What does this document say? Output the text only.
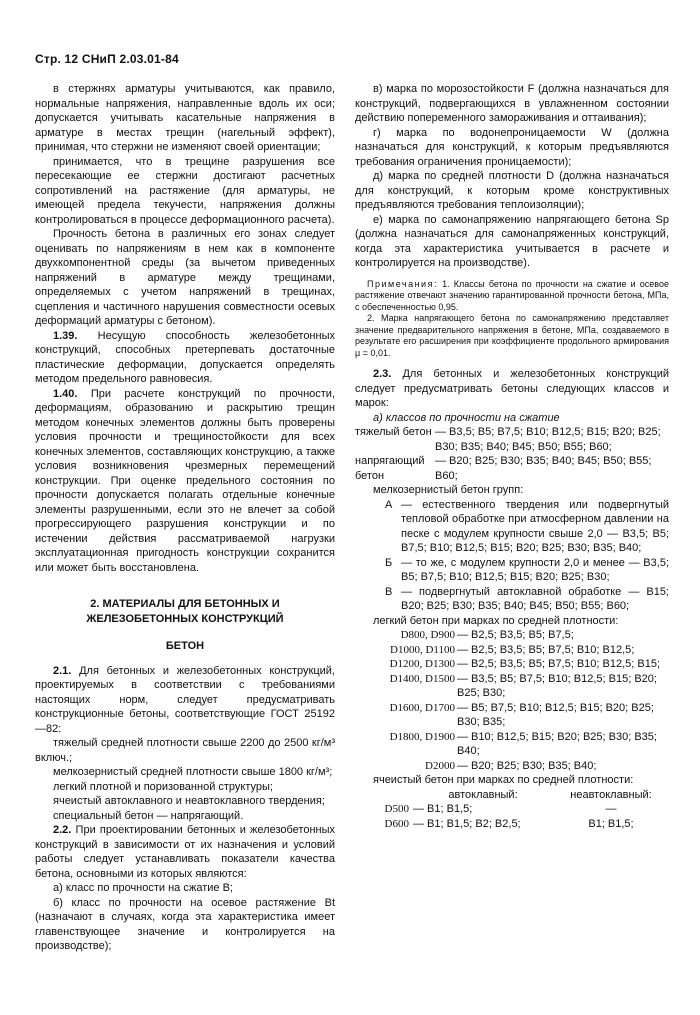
Стр. 12 СНиП 2.03.01-84

в стержнях арматуры учитываются, как правило, нормальные напряжения, направленные вдоль их оси; допускается учитывать касательные напряжения в арматуре в местах трещин (нагельный эффект), принимая, что стержни не изменяют своей ориентации;

принимается, что в трещине разрушения все пересекающие ее стержни достигают расчетных сопротивлений на растяжение (для арматуры, не имеющей предела текучести, напряжения должны контролироваться в процессе деформационного расчета).

Прочность бетона в различных его зонах следует оценивать по напряжениям в нем как в компоненте двухкомпонентной среды (за вычетом приведенных напряжений в арматуре между трещинами, определяемых с учетом напряжений в трещинах, сцепления и частичного нарушения совместности осевых деформаций арматуры с бетоном).

1.39. Несущую способность железобетонных конструкций, способных претерпевать достаточные пластические деформации, допускается определять методом предельного равновесия.

1.40. При расчете конструкций по прочности, деформациям, образованию и раскрытию трещин методом конечных элементов должны быть проверены условия прочности и трещиностойкости для всех конечных элементов, составляющих конструкцию, а также условия возникновения чрезмерных перемещений конструкции. При оценке предельного состояния по прочности допускается полагать отдельные конечные элементы разрушенными, если это не влечет за собой прогрессирующего разрушения конструкции и по истечении действия рассматриваемой нагрузки эксплуатационная пригодность конструкции сохранится или может быть восстановлена.

2. МАТЕРИАЛЫ ДЛЯ БЕТОННЫХ И ЖЕЛЕЗОБЕТОННЫХ КОНСТРУКЦИЙ
БЕТОН

2.1. Для бетонных и железобетонных конструкций, проектируемых в соответствии с требованиями настоящих норм, следует предусматривать конструкционные бетоны, соответствующие ГОСТ 25192—82:

тяжелый средней плотности свыше 2200 до 2500 кг/м³ включ.;

мелкозернистый средней плотности свыше 1800 кг/м³;

легкий плотной и поризованной структуры;

ячеистый автоклавного и неавтоклавного твердения;

специальный бетон — напрягающий.

2.2. При проектировании бетонных и железобетонных конструкций в зависимости от их назначения и условий работы следует устанавливать показатели качества бетона, основными из которых являются:

а) класс по прочности на сжатие B;

б) класс по прочности на осевое растяжение Bt (назначают в случаях, когда эта характеристика имеет главенствующее значение и контролируется на производстве);

в) марка по морозостойкости F (должна назначаться для конструкций, подвергающихся в увлажненном состоянии действию попеременного замораживания и оттаивания);

г) марка по водонепроницаемости W (должна назначаться для конструкций, к которым предъявляются требования ограничения проницаемости);

д) марка по средней плотности D (должна назначаться для конструкций, к которым кроме конструктивных предъявляются требования теплоизоляции);

е) марка по самонапряжению напрягающего бетона Sp (должна назначаться для самонапряженных конструкций, когда эта характеристика учитывается в расчете и контролируется на производстве).

Примечания: 1. Классы бетона по прочности на сжатие и осевое растяжение отвечают значению гарантированной прочности бетона, МПа, с обеспеченностью 0,95.

2. Марка напрягающего бетона по самонапряжению представляет значение предварительного напряжения в бетоне, МПа, создаваемого в результате его расширения при коэффициенте продольного армирования μ = 0,01.

2.3. Для бетонных и железобетонных конструкций следует предусматривать бетоны следующих классов и марок:

а) классов по прочности на сжатие

тяжелый бетон — B3,5; B5; B7,5; B10; B12,5; B15; B20; B25; B30; B35; B40; B45; B50; B55; B60;
напрягающий бетон
— B20; B25; B30; B35; B40; B45; B50; B55; B60;

мелкозернистый бетон групп:

А — естественного твердения или подвергнутый тепловой обработке при атмосферном давлении на песке с модулем крупности свыше 2,0 — B3,5; B5; B7,5; B10; B12,5; B15; B20; B25; B30; B35; B40;
Б — то же, с модулем крупности 2,0 и менее — B3,5; B5; B7,5; B10; B12,5; B15; B20; B25; B30;
В — подвергнутый автоклавной обработке — B15; B20; B25; B30; B35; B40; B45; B50; B55; B60;

легкий бетон при марках по средней плотности:

D800, D900 — B2,5; B3,5; B5; B7,5;
D1000, D1100 — B2,5; B3,5; B5; B7,5; B10; B12,5;
D1200, D1300 — B2,5; B3,5; B5; B7,5; B10; B12,5; B15;
D1400, D1500 — B3,5; B5; B7,5; B10; B12,5; B15; B20; B25; B30;
D1600, D1700 — B5; B7,5; B10; B12,5; B15; B20; B25; B30; B35;
D1800, D1900 — B10; B12,5; B15; B20; B25; B30; B35; B40;
D2000 — B20; B25; B30; B35; B40;

ячеистый бетон при марках по средней плотности:

автоклавный:	неавтоклавный:
D500 — B1; B1,5;	—
D600 — B1; B1,5; B2; B2,5;	B1; B1,5;
